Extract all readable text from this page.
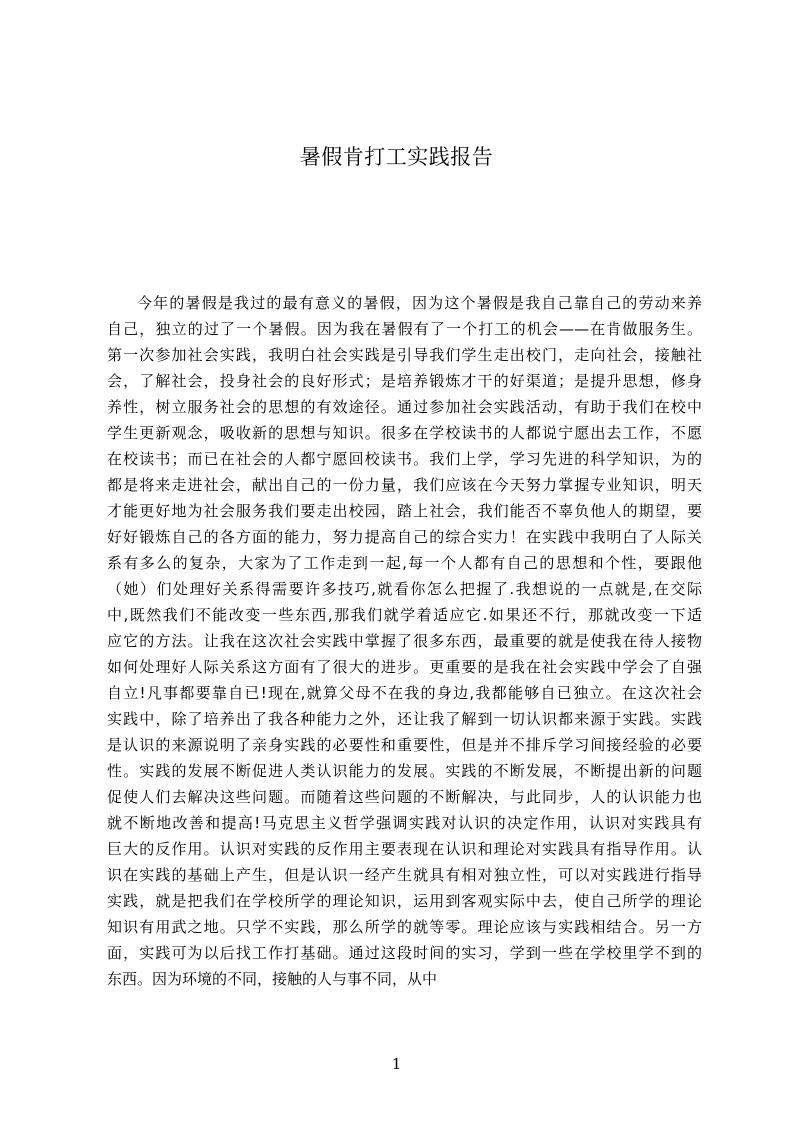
暑假肯打工实践报告
今年的暑假是我过的最有意义的暑假，因为这个暑假是我自己靠自己的劳动来养
自己，独立的过了一个暑假。因为我在暑假有了一个打工的机会——在肯做服务生。
第一次参加社会实践，我明白社会实践是引导我们学生走出校门，走向社会，接触社
会，了解社会，投身社会的良好形式；是培养锻炼才干的好渠道；是提升思想，修身
养性，树立服务社会的思想的有效途径。通过参加社会实践活动，有助于我们在校中
学生更新观念，吸收新的思想与知识。很多在学校读书的人都说宁愿出去工作，不愿
在校读书；而已在社会的人都宁愿回校读书。我们上学，学习先进的科学知识，为的
都是将来走进社会，献出自己的一份力量，我们应该在今天努力掌握专业知识，明天
才能更好地为社会服务我们要走出校园，踏上社会，我们能否不辜负他人的期望，要
好好锻炼自己的各方面的能力，努力提高自己的综合实力！在实践中我明白了人际关
系有多么的复杂，大家为了工作走到一起,每一个人都有自己的思想和个性，要跟他
（她）们处理好关系得需要许多技巧,就看你怎么把握了.我想说的一点就是,在交际
中,既然我们不能改变一些东西,那我们就学着适应它.如果还不行，那就改变一下适
应它的方法。让我在这次社会实践中掌握了很多东西，最重要的就是使我在待人接物
如何处理好人际关系这方面有了很大的进步。更重要的是我在社会实践中学会了自强
自立!凡事都要靠自已!现在,就算父母不在我的身边,我都能够自已独立。在这次社会
实践中，除了培养出了我各种能力之外，还让我了解到一切认识都来源于实践。实践
是认识的来源说明了亲身实践的必要性和重要性，但是并不排斥学习间接经验的必要
性。实践的发展不断促进人类认识能力的发展。实践的不断发展，不断提出新的问题
促使人们去解决这些问题。而随着这些问题的不断解决，与此同步，人的认识能力也
就不断地改善和提高!马克思主义哲学强调实践对认识的决定作用，认识对实践具有
巨大的反作用。认识对实践的反作用主要表现在认识和理论对实践具有指导作用。认
识在实践的基础上产生，但是认识一经产生就具有相对独立性，可以对实践进行指导
实践，就是把我们在学校所学的理论知识，运用到客观实际中去，使自己所学的理论
知识有用武之地。只学不实践，那么所学的就等零。理论应该与实践相结合。另一方
面，实践可为以后找工作打基础。通过这段时间的实习，学到一些在学校里学不到的
东西。因为环境的不同，接触的人与事不同，从中
1
